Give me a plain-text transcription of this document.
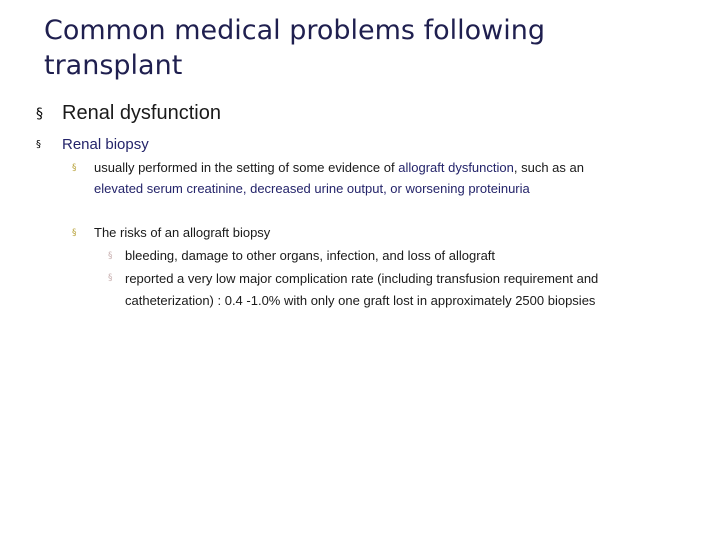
Common medical problems following transplant
§ Renal dysfunction
§ Renal biopsy
§ usually performed in the setting of some evidence of allograft dysfunction, such as an
elevated serum creatinine, decreased urine output, or worsening proteinuria
§ The risks of an allograft biopsy
§ bleeding, damage to other organs, infection, and loss of allograft
§ reported a very low major complication rate (including transfusion requirement and
catheterization) : 0.4 -1.0% with only one graft lost in approximately 2500 biopsies
